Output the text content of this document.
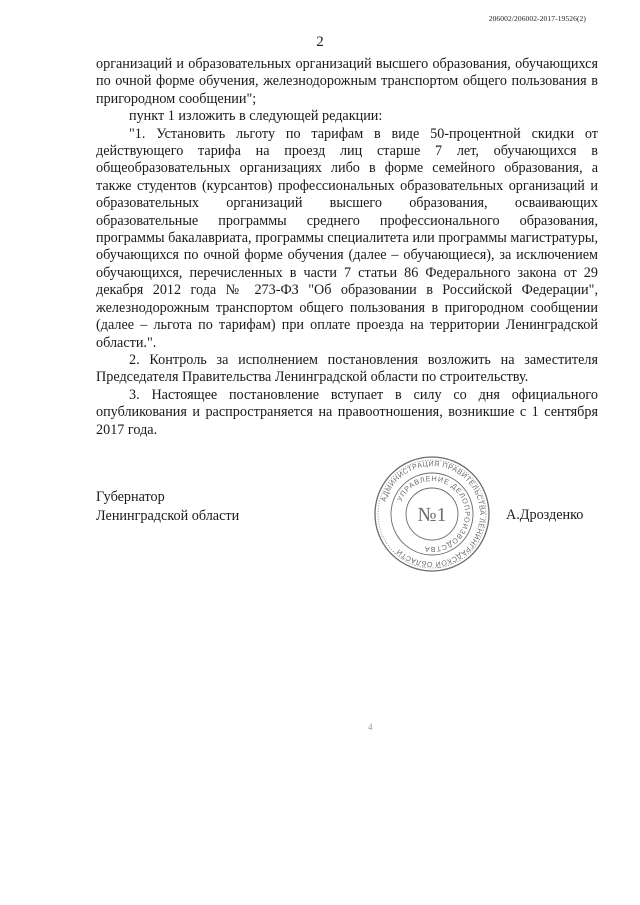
206002/206002-2017-19526(2)
2

организаций и образовательных организаций высшего образования, обучающихся по очной форме обучения, железнодорожным транспортом общего пользования в пригородном сообщении";

пункт 1 изложить в следующей редакции:

"1. Установить льготу по тарифам в виде 50-процентной скидки от действующего тарифа на проезд лиц старше 7 лет, обучающихся в общеобразовательных организациях либо в форме семейного образования, а также студентов (курсантов) профессиональных образовательных организаций и образовательных организаций высшего образования, осваивающих образовательные программы среднего профессионального образования, программы бакалавриата, программы специалитета или программы магистратуры, обучающихся по очной форме обучения (далее – обучающиеся), за исключением обучающихся, перечисленных в части 7 статьи 86 Федерального закона от 29 декабря 2012 года № 273-ФЗ "Об образовании в Российской Федерации", железнодорожным транспортом общего пользования в пригородном сообщении (далее – льгота по тарифам) при оплате проезда на территории Ленинградской области.".

2. Контроль за исполнением постановления возложить на заместителя Председателя Правительства Ленинградской области по строительству.

3. Настоящее постановление вступает в силу со дня официального опубликования и распространяется на правоотношения, возникшие с 1 сентября 2017 года.

Губернатор
Ленинградской области	А.Дрозденко
АДМИНИСТРАЦИЯ ПРАВИТЕЛЬСТВА ЛЕНИНГРАДСКОЙ ОБЛАСТИ
УПРАВЛЕНИЕ ДЕЛОПРОИЗВОДСТВА
№1
4
